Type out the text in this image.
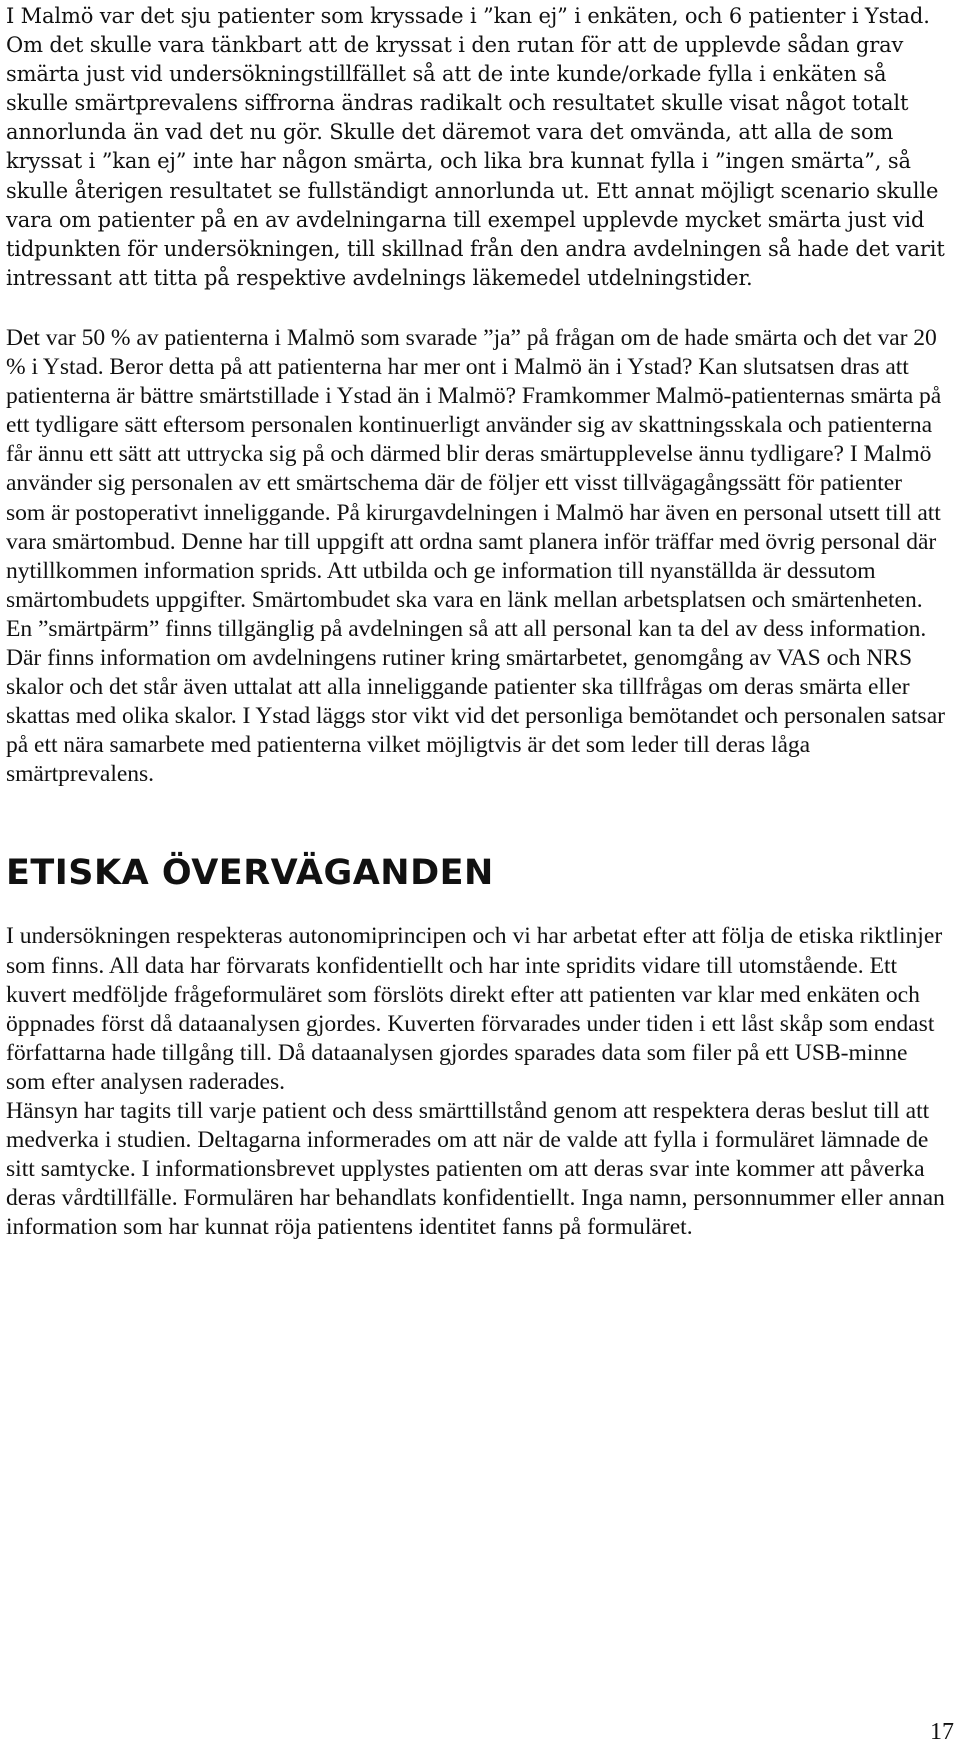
I Malmö var det sju patienter som kryssade i ”kan ej” i enkäten, och 6 patienter i Ystad. Om det skulle vara tänkbart att de kryssat i den rutan för att de upplevde sådan grav smärta just vid undersökningstillfället så att de inte kunde/orkade fylla i enkäten så skulle smärtprevalens siffrorna ändras radikalt och resultatet skulle visat något totalt annorlunda än vad det nu gör. Skulle det däremot vara det omvända, att alla de som kryssat i ”kan ej” inte har någon smärta, och lika bra kunnat fylla i ”ingen smärta”, så skulle återigen resultatet se fullständigt annorlunda ut. Ett annat möjligt scenario skulle vara om patienter på en av avdelningarna till exempel upplevde mycket smärta just vid tidpunkten för undersökningen, till skillnad från den andra avdelningen så hade det varit intressant att titta på respektive avdelnings läkemedel utdelningstider.

Det var 50 % av patienterna i Malmö som svarade ”ja” på frågan om de hade smärta och det var 20 % i Ystad. Beror detta på att patienterna har mer ont i Malmö än i Ystad? Kan slutsatsen dras att patienterna är bättre smärtstillade i Ystad än i Malmö? Framkommer Malmö-patienternas smärta på ett tydligare sätt eftersom personalen kontinuerligt använder sig av skattningsskala och patienterna får ännu ett sätt att uttrycka sig på och därmed blir deras smärtupplevelse ännu tydligare? I Malmö använder sig personalen av ett smärtschema där de följer ett visst tillvägagångssätt för patienter som är postoperativt inneliggande. På kirurgavdelningen i Malmö har även en personal utsett till att vara smärtombud. Denne har till uppgift att ordna samt planera inför träffar med övrig personal där nytillkommen information sprids. Att utbilda och ge information till nyanställda är dessutom smärtombudets uppgifter. Smärtombudet ska vara en länk mellan arbetsplatsen och smärtenheten. En ”smärtpärm” finns tillgänglig på avdelningen så att all personal kan ta del av dess information. Där finns information om avdelningens rutiner kring smärtarbetet, genomgång av VAS och NRS skalor och det står även uttalat att alla inneliggande patienter ska tillfrågas om deras smärta eller skattas med olika skalor. I Ystad läggs stor vikt vid det personliga bemötandet och personalen satsar på ett nära samarbete med patienterna vilket möjligtvis är det som leder till deras låga smärtprevalens.

ETISKA ÖVERVÄGANDEN

I undersökningen respekteras autonomiprincipen och vi har arbetat efter att följa de etiska riktlinjer som finns. All data har förvarats konfidentiellt och har inte spridits vidare till utomstående. Ett kuvert medföljde frågeformuläret som förslöts direkt efter att patienten var klar med enkäten och öppnades först då dataanalysen gjordes. Kuverten förvarades under tiden i ett låst skåp som endast författarna hade tillgång till. Då dataanalysen gjordes sparades data som filer på ett USB-minne som efter analysen raderades.

Hänsyn har tagits till varje patient och dess smärttillstånd genom att respektera deras beslut till att medverka i studien. Deltagarna informerades om att när de valde att fylla i formuläret lämnade de sitt samtycke. I informationsbrevet upplystes patienten om att deras svar inte kommer att påverka deras vårdtillfälle. Formulären har behandlats konfidentiellt. Inga namn, personnummer eller annan information som har kunnat röja patientens identitet fanns på formuläret.

17
